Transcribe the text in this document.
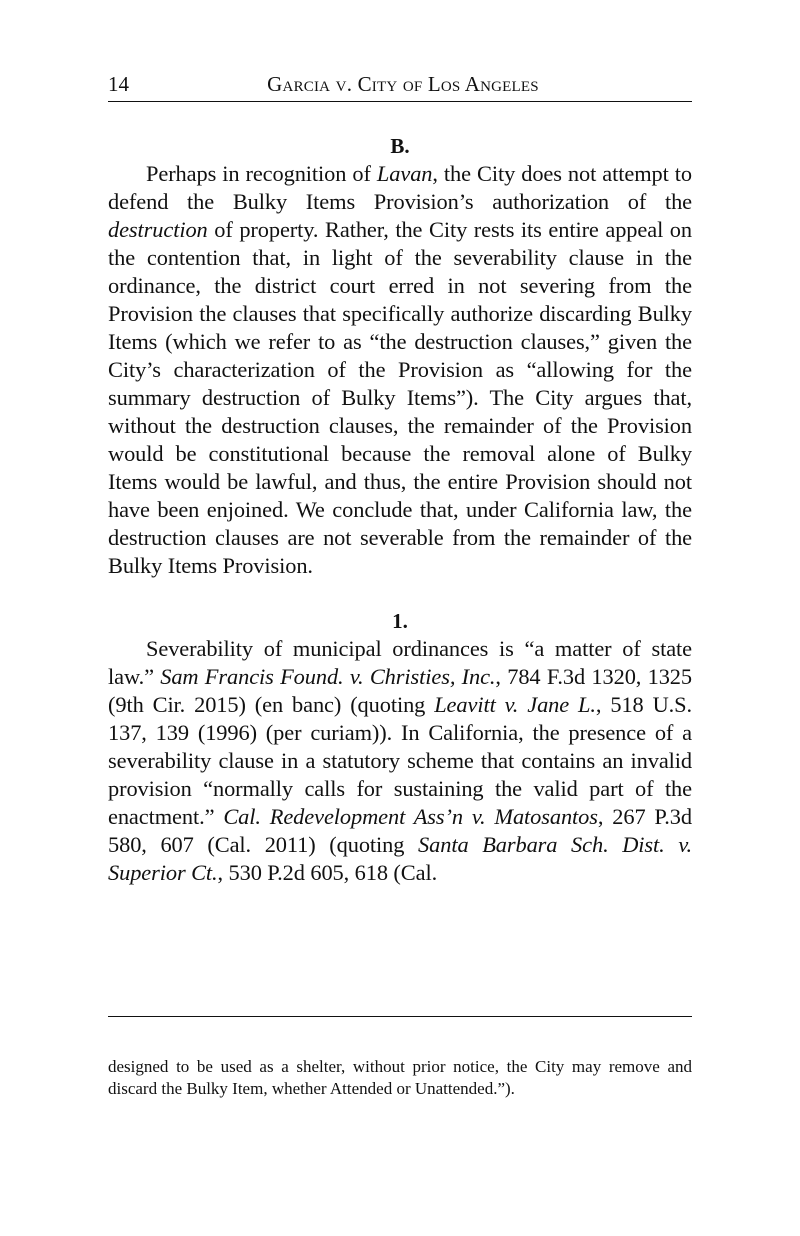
14	Garcia v. City of Los Angeles
B.

Perhaps in recognition of Lavan, the City does not attempt to defend the Bulky Items Provision’s authorization of the destruction of property. Rather, the City rests its entire appeal on the contention that, in light of the severability clause in the ordinance, the district court erred in not severing from the Provision the clauses that specifically authorize discarding Bulky Items (which we refer to as “the destruction clauses,” given the City’s characterization of the Provision as “allowing for the summary destruction of Bulky Items”). The City argues that, without the destruction clauses, the remainder of the Provision would be constitutional because the removal alone of Bulky Items would be lawful, and thus, the entire Provision should not have been enjoined. We conclude that, under California law, the destruction clauses are not severable from the remainder of the Bulky Items Provision.

1.

Severability of municipal ordinances is “a matter of state law.” Sam Francis Found. v. Christies, Inc., 784 F.3d 1320, 1325 (9th Cir. 2015) (en banc) (quoting Leavitt v. Jane L., 518 U.S. 137, 139 (1996) (per curiam)). In California, the presence of a severability clause in a statutory scheme that contains an invalid provision “normally calls for sustaining the valid part of the enactment.” Cal. Redevelopment Ass’n v. Matosantos, 267 P.3d 580, 607 (Cal. 2011) (quoting Santa Barbara Sch. Dist. v. Superior Ct., 530 P.2d 605, 618 (Cal.

designed to be used as a shelter, without prior notice, the City may remove and discard the Bulky Item, whether Attended or Unattended.”).
